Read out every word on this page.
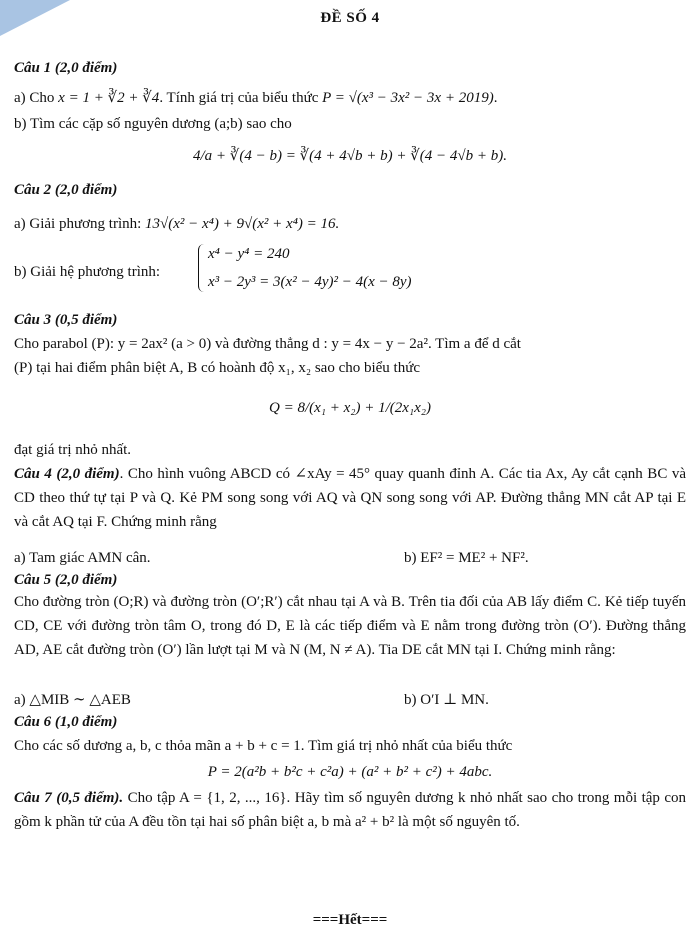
ĐỀ SỐ 4
Câu 1 (2,0 điểm)
a) Cho x = 1 + ∛2 + ∛4. Tính giá trị của biểu thức P = √(x³ − 3x² − 3x + 2019).
b) Tìm các cặp số nguyên dương (a;b) sao cho
4/a + ∛(4 − b) = ∛(4 + 4√b + b) + ∛(4 − 4√b + b).
Câu 2 (2,0 điểm)
a) Giải phương trình: 13√(x² − x⁴) + 9√(x² + x⁴) = 16.
b) Giải hệ phương trình:
x⁴ − y⁴ = 240
x³ − 2y³ = 3(x² − 4y)² − 4(x − 8y)
Câu 3 (0,5 điểm)
Cho parabol (P): y = 2ax² (a > 0) và đường thẳng d : y = 4x − y − 2a². Tìm a để d cắt
(P) tại hai điểm phân biệt A, B có hoành độ x₁, x₂ sao cho biểu thức
Q = 8/(x₁ + x₂) + 1/(2x₁x₂)
đạt giá trị nhỏ nhất.
Câu 4 (2,0 điểm). Cho hình vuông ABCD có ∠xAy = 45° quay quanh đỉnh A. Các tia Ax, Ay cắt cạnh BC và CD theo thứ tự tại P và Q. Kẻ PM song song với AQ và QN song song với AP. Đường thẳng MN cắt AP tại E và cắt AQ tại F. Chứng minh rằng
a) Tam giác AMN cân.	b) EF² = ME² + NF².
Câu 5 (2,0 điểm)
Cho đường tròn (O;R) và đường tròn (O′;R′) cắt nhau tại A và B. Trên tia đối của AB lấy điểm C. Kẻ tiếp tuyến CD, CE với đường tròn tâm O, trong đó D, E là các tiếp điểm và E nằm trong đường tròn (O′). Đường thẳng AD, AE cắt đường tròn (O′) lần lượt tại M và N (M, N ≠ A). Tia DE cắt MN tại I. Chứng minh rằng:
a) △MIB ∼ △AEB	b) O′I ⊥ MN.
Câu 6 (1,0 điểm)
Cho các số dương a, b, c thỏa mãn a + b + c = 1. Tìm giá trị nhỏ nhất của biểu thức
P = 2(a²b + b²c + c²a) + (a² + b² + c²) + 4abc.
Câu 7 (0,5 điểm). Cho tập A = {1, 2, ..., 16}. Hãy tìm số nguyên dương k nhỏ nhất sao cho trong mỗi tập con gồm k phần tử của A đều tồn tại hai số phân biệt a, b mà a² + b² là một số nguyên tố.
===Hết===
